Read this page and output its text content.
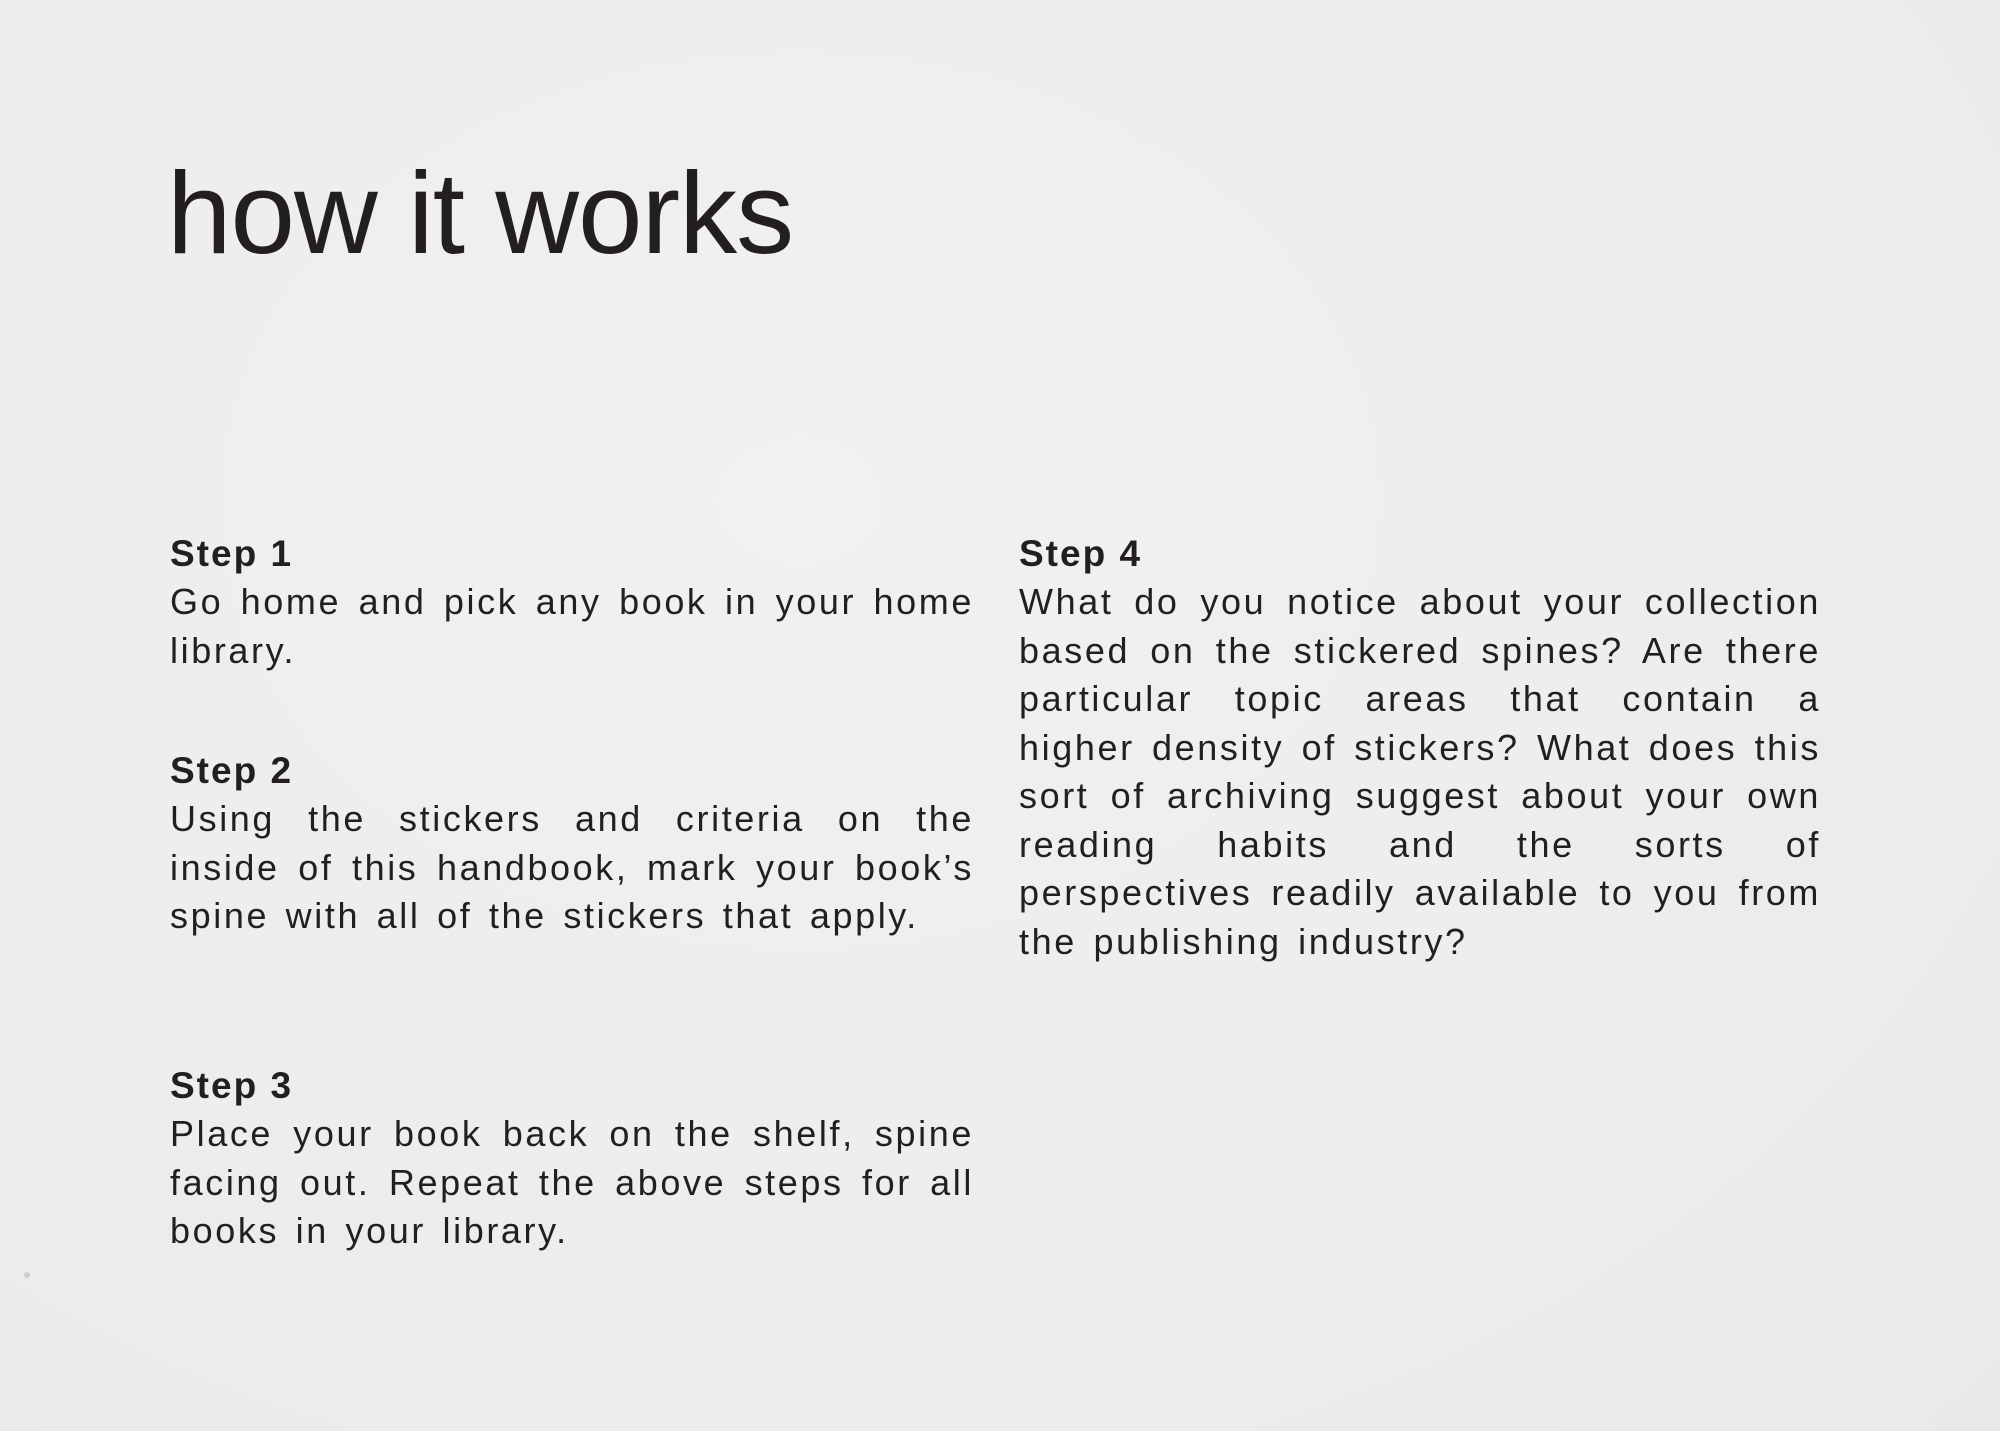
how it works
Step 1

Go home and pick any book in your home library.

Step 2

Using the stickers and criteria on the inside of this handbook, mark your book’s spine with all of the stickers that apply.

Step 3

Place your book back on the shelf, spine facing out. Repeat the above steps for all books in your library.

Step 4

What do you notice about your collection based on the stickered spines? Are there particular topic areas that contain a higher density of stickers? What does this sort of archiving suggest about your own reading habits and the sorts of perspectives readily available to you from the publishing industry?
